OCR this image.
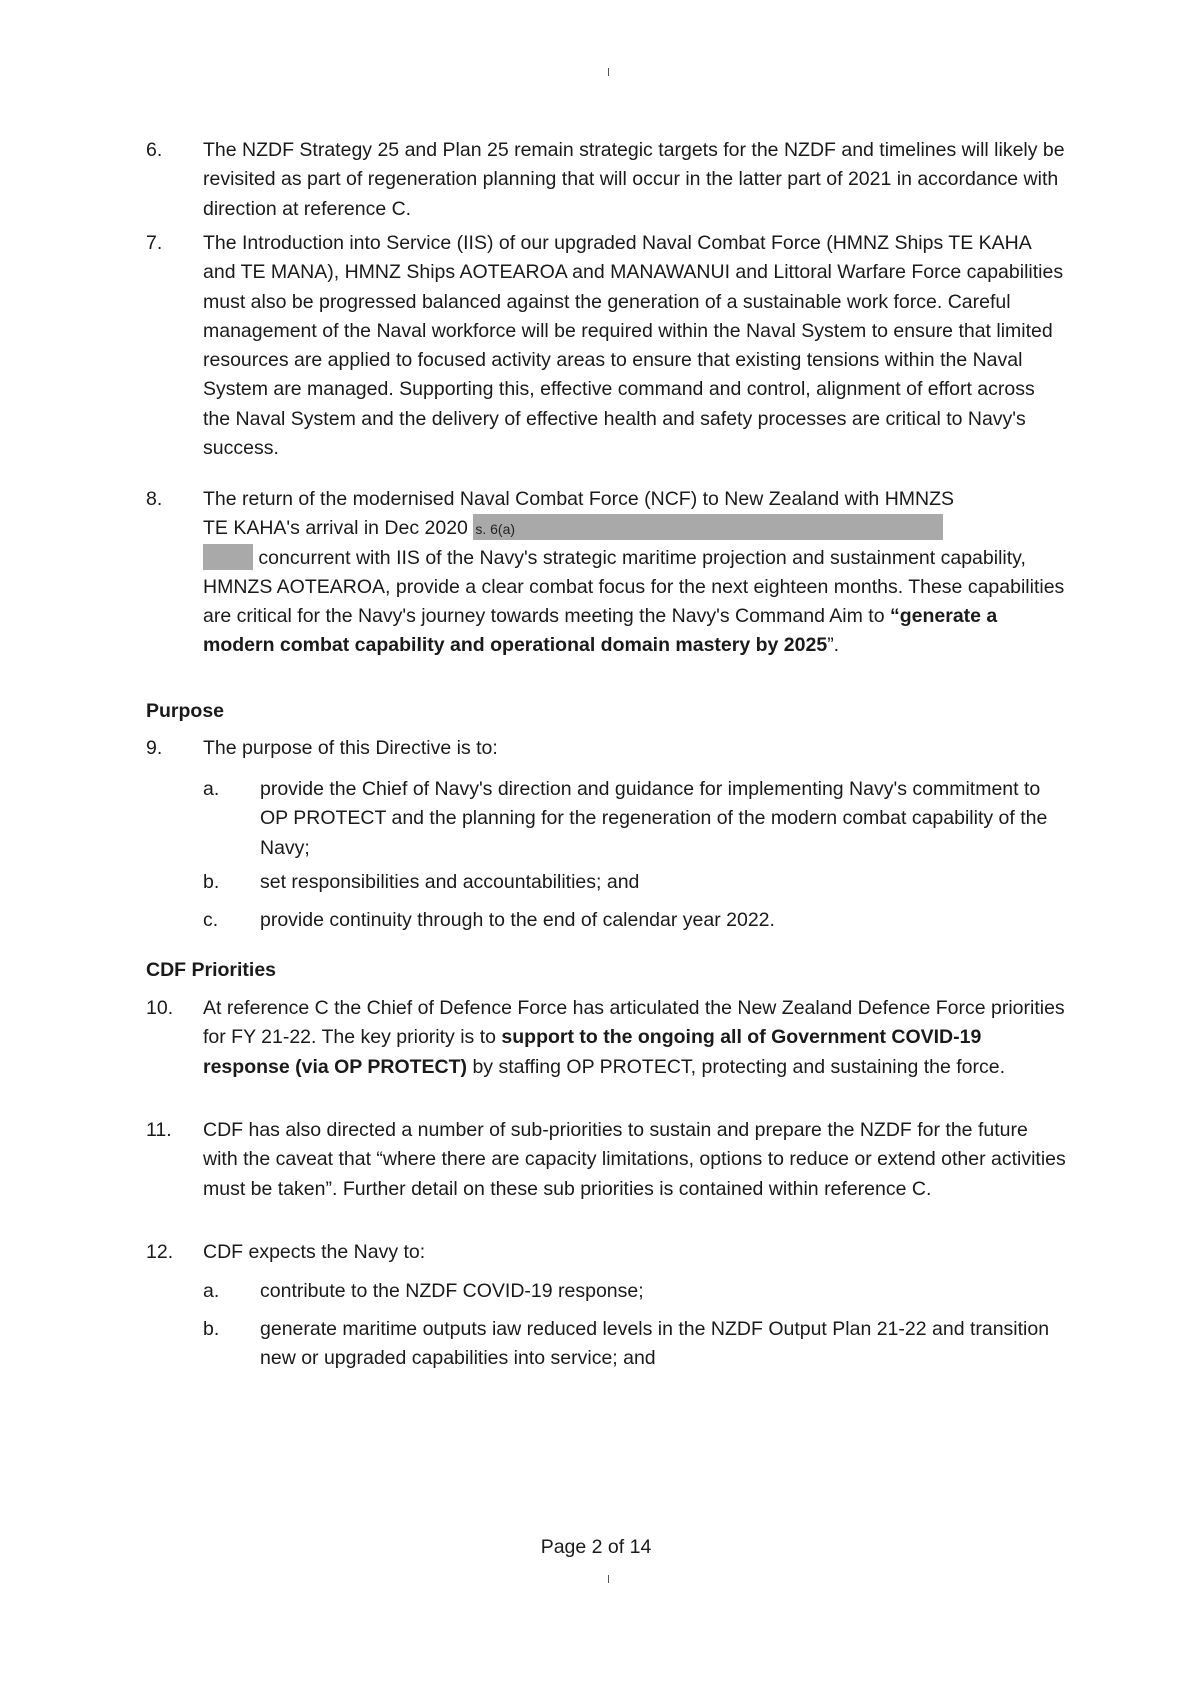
6. The NZDF Strategy 25 and Plan 25 remain strategic targets for the NZDF and timelines will likely be revisited as part of regeneration planning that will occur in the latter part of 2021 in accordance with direction at reference C.
7. The Introduction into Service (IIS) of our upgraded Naval Combat Force (HMNZ Ships TE KAHA and TE MANA), HMNZ Ships AOTEAROA and MANAWANUI and Littoral Warfare Force capabilities must also be progressed balanced against the generation of a sustainable work force. Careful management of the Naval workforce will be required within the Naval System to ensure that limited resources are applied to focused activity areas to ensure that existing tensions within the Naval System are managed. Supporting this, effective command and control, alignment of effort across the Naval System and the delivery of effective health and safety processes are critical to Navy's success.
8. The return of the modernised Naval Combat Force (NCF) to New Zealand with HMNZS
TE KAHA's arrival in Dec 2020 s. 6(a)
concurrent with IIS of the Navy's strategic maritime projection and sustainment capability, HMNZS AOTEAROA, provide a clear combat focus for the next eighteen months. These capabilities are critical for the Navy's journey towards meeting the Navy's Command Aim to “generate a modern combat capability and operational domain mastery by 2025”.
Purpose
9. The purpose of this Directive is to:
a. provide the Chief of Navy's direction and guidance for implementing Navy's commitment to OP PROTECT and the planning for the regeneration of the modern combat capability of the Navy;
b. set responsibilities and accountabilities; and
c. provide continuity through to the end of calendar year 2022.
CDF Priorities
10. At reference C the Chief of Defence Force has articulated the New Zealand Defence Force priorities for FY 21-22. The key priority is to support to the ongoing all of Government COVID-19 response (via OP PROTECT) by staffing OP PROTECT, protecting and sustaining the force.
11. CDF has also directed a number of sub-priorities to sustain and prepare the NZDF for the future with the caveat that “where there are capacity limitations, options to reduce or extend other activities must be taken”. Further detail on these sub priorities is contained within reference C.
12. CDF expects the Navy to:
a. contribute to the NZDF COVID-19 response;
b. generate maritime outputs iaw reduced levels in the NZDF Output Plan 21-22 and transition new or upgraded capabilities into service; and
Page 2 of 14
